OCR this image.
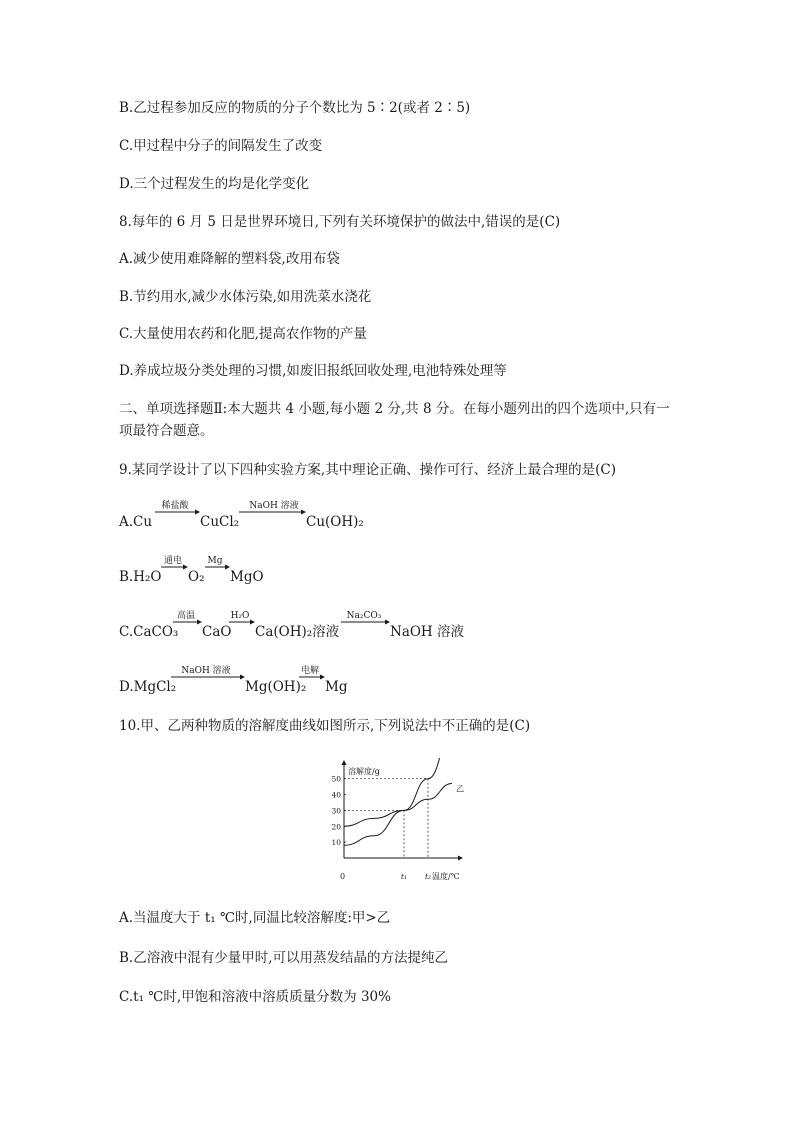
B.乙过程参加反应的物质的分子个数比为 5∶2(或者 2∶5)
C.甲过程中分子的间隔发生了改变
D.三个过程发生的均是化学变化
8.每年的 6 月 5 日是世界环境日,下列有关环境保护的做法中,错误的是(C)
A.减少使用难降解的塑料袋,改用布袋
B.节约用水,减少水体污染,如用洗菜水浇花
C.大量使用农药和化肥,提高农作物的产量
D.养成垃圾分类处理的习惯,如废旧报纸回收处理,电池特殊处理等
二、单项选择题Ⅱ:本大题共 4 小题,每小题 2 分,共 8 分。在每小题列出的四个选项中,只有一项最符合题意。
9.某同学设计了以下四种实验方案,其中理论正确、操作可行、经济上最合理的是(C)
A.Cu
稀盐酸	NaOH 溶液
CuCl₂	Cu(OH)₂
B.H₂O
通电	Mg
O₂ MgO
C.CaCO₃
高温	H₂O	Na₂CO₃
CaO Ca(OH)₂溶液	NaOH 溶液
D.MgCl₂
NaOH 溶液	电解
Mg(OH)₂ Mg
10.甲、乙两种物质的溶解度曲线如图所示,下列说法中不正确的是(C)
溶解度/g
温度/℃
0
10
20
30
40
50
t₁ t₂
乙
A.当温度大于 t₁ ℃时,同温比较溶解度:甲>乙
B.乙溶液中混有少量甲时,可以用蒸发结晶的方法提纯乙
C.t₁ ℃时,甲饱和溶液中溶质质量分数为 30%
